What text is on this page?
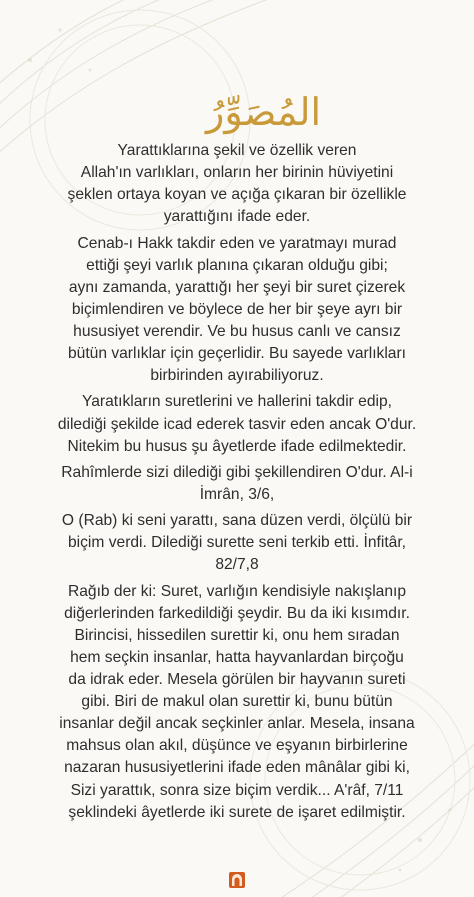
المُصَوِّرُ

Yarattıklarına şekil ve özellik veren
Allah'ın varlıkları, onların her birinin hüviyetini
şeklen ortaya koyan ve açığa çıkaran bir özellikle
yarattığını ifade eder.

Cenab-ı Hakk takdir eden ve yaratmayı murad
ettiği şeyi varlık planına çıkaran olduğu gibi;
aynı zamanda, yarattığı her şeyi bir suret çizerek
biçimlendiren ve böylece de her bir şeye ayrı bir
hususiyet verendir. Ve bu husus canlı ve cansız
bütün varlıklar için geçerlidir. Bu sayede varlıkları
birbirinden ayırabiliyoruz.

Yaratıkların suretlerini ve hallerini takdir edip,
dilediği şekilde icad ederek tasvir eden ancak O'dur.
Nitekim bu husus şu âyetlerde ifade edilmektedir.

Rahîmlerde sizi dilediği gibi şekillendiren O'dur. Al-i
İmrân, 3/6,

O (Rab) ki seni yarattı, sana düzen verdi, ölçülü bir
biçim verdi. Dilediği surette seni terkib etti. İnfitâr,
82/7,8

Rağıb der ki: Suret, varlığın kendisiyle nakışlanıp
diğerlerinden farkedildiği şeydir. Bu da iki kısımdır.
Birincisi, hissedilen surettir ki, onu hem sıradan
hem seçkin insanlar, hatta hayvanlardan birçoğu
da idrak eder. Mesela görülen bir hayvanın sureti
gibi. Biri de makul olan surettir ki, bunu bütün
insanlar değil ancak seçkinler anlar. Mesela, insana
mahsus olan akıl, düşünce ve eşyanın birbirlerine
nazaran hususiyetlerini ifade eden mânâlar gibi ki,
Sizi yarattık, sonra size biçim verdik... A'râf, 7/11
şeklindeki âyetlerde iki surete de işaret edilmiştir.
